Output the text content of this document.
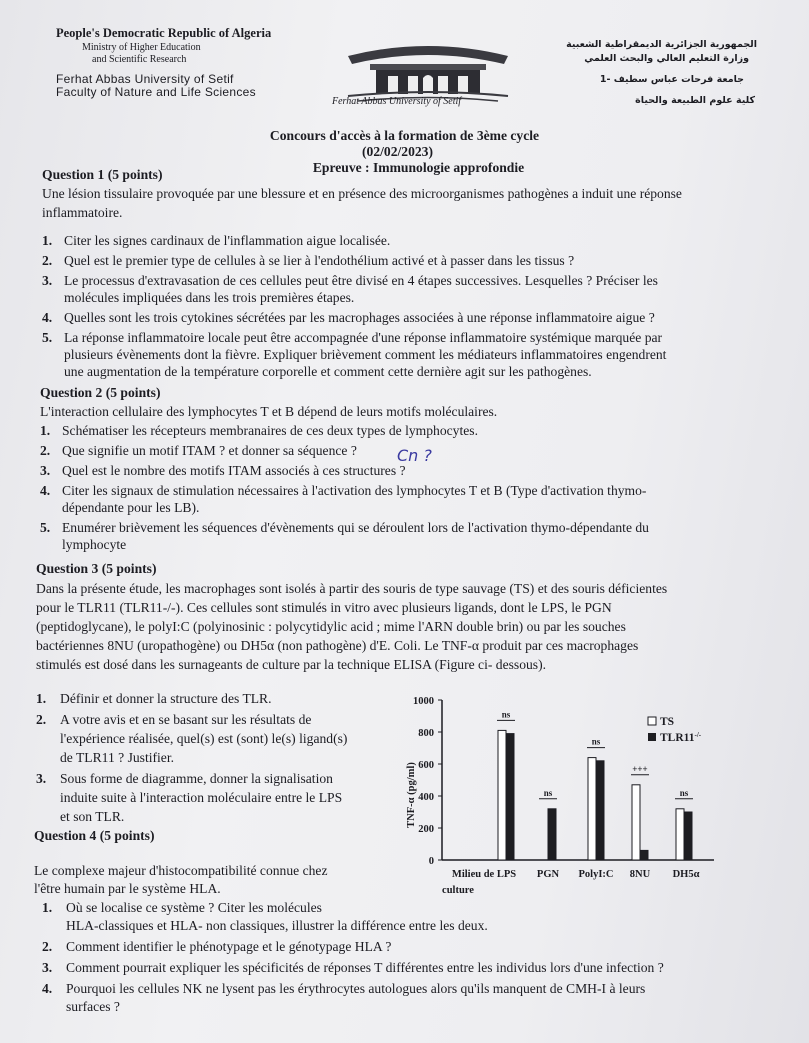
People's Democratic Republic of Algeria
Ministry of Higher Education
and Scientific Research
Ferhat Abbas University of Setif
Faculty of Nature and Life Sciences
Ferhat Abbas University of Setif
الجمهورية الجزائرية الديمقراطية الشعبية
وزارة التعليم العالي والبحث العلمي
جامعة فرحات عباس سطيف -1
كلية علوم الطبيعة والحياة
Concours d'accès à la formation de 3ème cycle
(02/02/2023)
Epreuve : Immunologie approfondie
Question 1 (5 points)
Une lésion tissulaire provoquée par une blessure et en présence des microorganismes pathogènes a induit une réponse
inflammatoire.
1. Citer les signes cardinaux de l'inflammation aigue localisée.
2. Quel est le premier type de cellules à se lier à l'endothélium activé et à passer dans les tissus ?
3. Le processus d'extravasation de ces cellules peut être divisé en 4 étapes successives. Lesquelles ? Préciser les
molécules impliquées dans les trois premières étapes.
4. Quelles sont les trois cytokines sécrétées par les macrophages associées à une réponse inflammatoire aigue ?
5. La réponse inflammatoire locale peut être accompagnée d'une réponse inflammatoire systémique marquée par
plusieurs évènements dont la fièvre. Expliquer brièvement comment les médiateurs inflammatoires engendrent
une augmentation de la température corporelle et comment cette dernière agit sur les pathogènes.
Question 2 (5 points)
L'interaction cellulaire des lymphocytes T et B dépend de leurs motifs moléculaires.
1. Schématiser les récepteurs membranaires de ces deux types de lymphocytes.
2. Que signifie un motif ITAM ? et donner sa séquence ?
3. Quel est le nombre des motifs ITAM associés à ces structures ?
4. Citer les signaux de stimulation nécessaires à l'activation des lymphocytes T et B (Type d'activation thymo-
dépendante pour les LB).
5. Enumérer brièvement les séquences d'évènements qui se déroulent lors de l'activation thymo-dépendante du
lymphocyte
Cn ?
Question 3 (5 points)
Dans la présente étude, les macrophages sont isolés à partir des souris de type sauvage (TS) et des souris déficientes
pour le TLR11 (TLR11-/-). Ces cellules sont stimulés in vitro avec plusieurs ligands, dont le LPS, le PGN
(peptidoglycane), le polyI:C (polyinosinic : polycytidylic acid ; mime l'ARN double brin) ou par les souches
bactériennes 8NU (uropathogène) ou DH5α (non pathogène) d'E. Coli. Le TNF-α produit par ces macrophages
stimulés est dosé dans les surnageants de culture par la technique ELISA (Figure ci- dessous).
1. Définir et donner la structure des TLR.
2. A votre avis et en se basant sur les résultats de
l'expérience réalisée, quel(s) est (sont) le(s) ligand(s)
de TLR11 ? Justifier.
3. Sous forme de diagramme, donner la signalisation
induite suite à l'interaction moléculaire entre le LPS
et son TLR.	TNF-α (pg/ml)
0
200
400
600
800
1000
ns
ns
ns
+++
ns
Milieu de LPS PGN PolyI:C 8NU DH5α
culture
TS
TLR11-/-
Question 4 (5 points)
Le complexe majeur d'histocompatibilité connue chez
l'être humain par le système HLA.
1. Où se localise ce système ? Citer les molécules
HLA-classiques et HLA- non classiques, illustrer la différence entre les deux.
2. Comment identifier le phénotypage et le génotypage HLA ?
3. Comment pourrait expliquer les spécificités de réponses T différentes entre les individus lors d'une infection ?
4. Pourquoi les cellules NK ne lysent pas les érythrocytes autologues alors qu'ils manquent de CMH-I à leurs
surfaces ?
